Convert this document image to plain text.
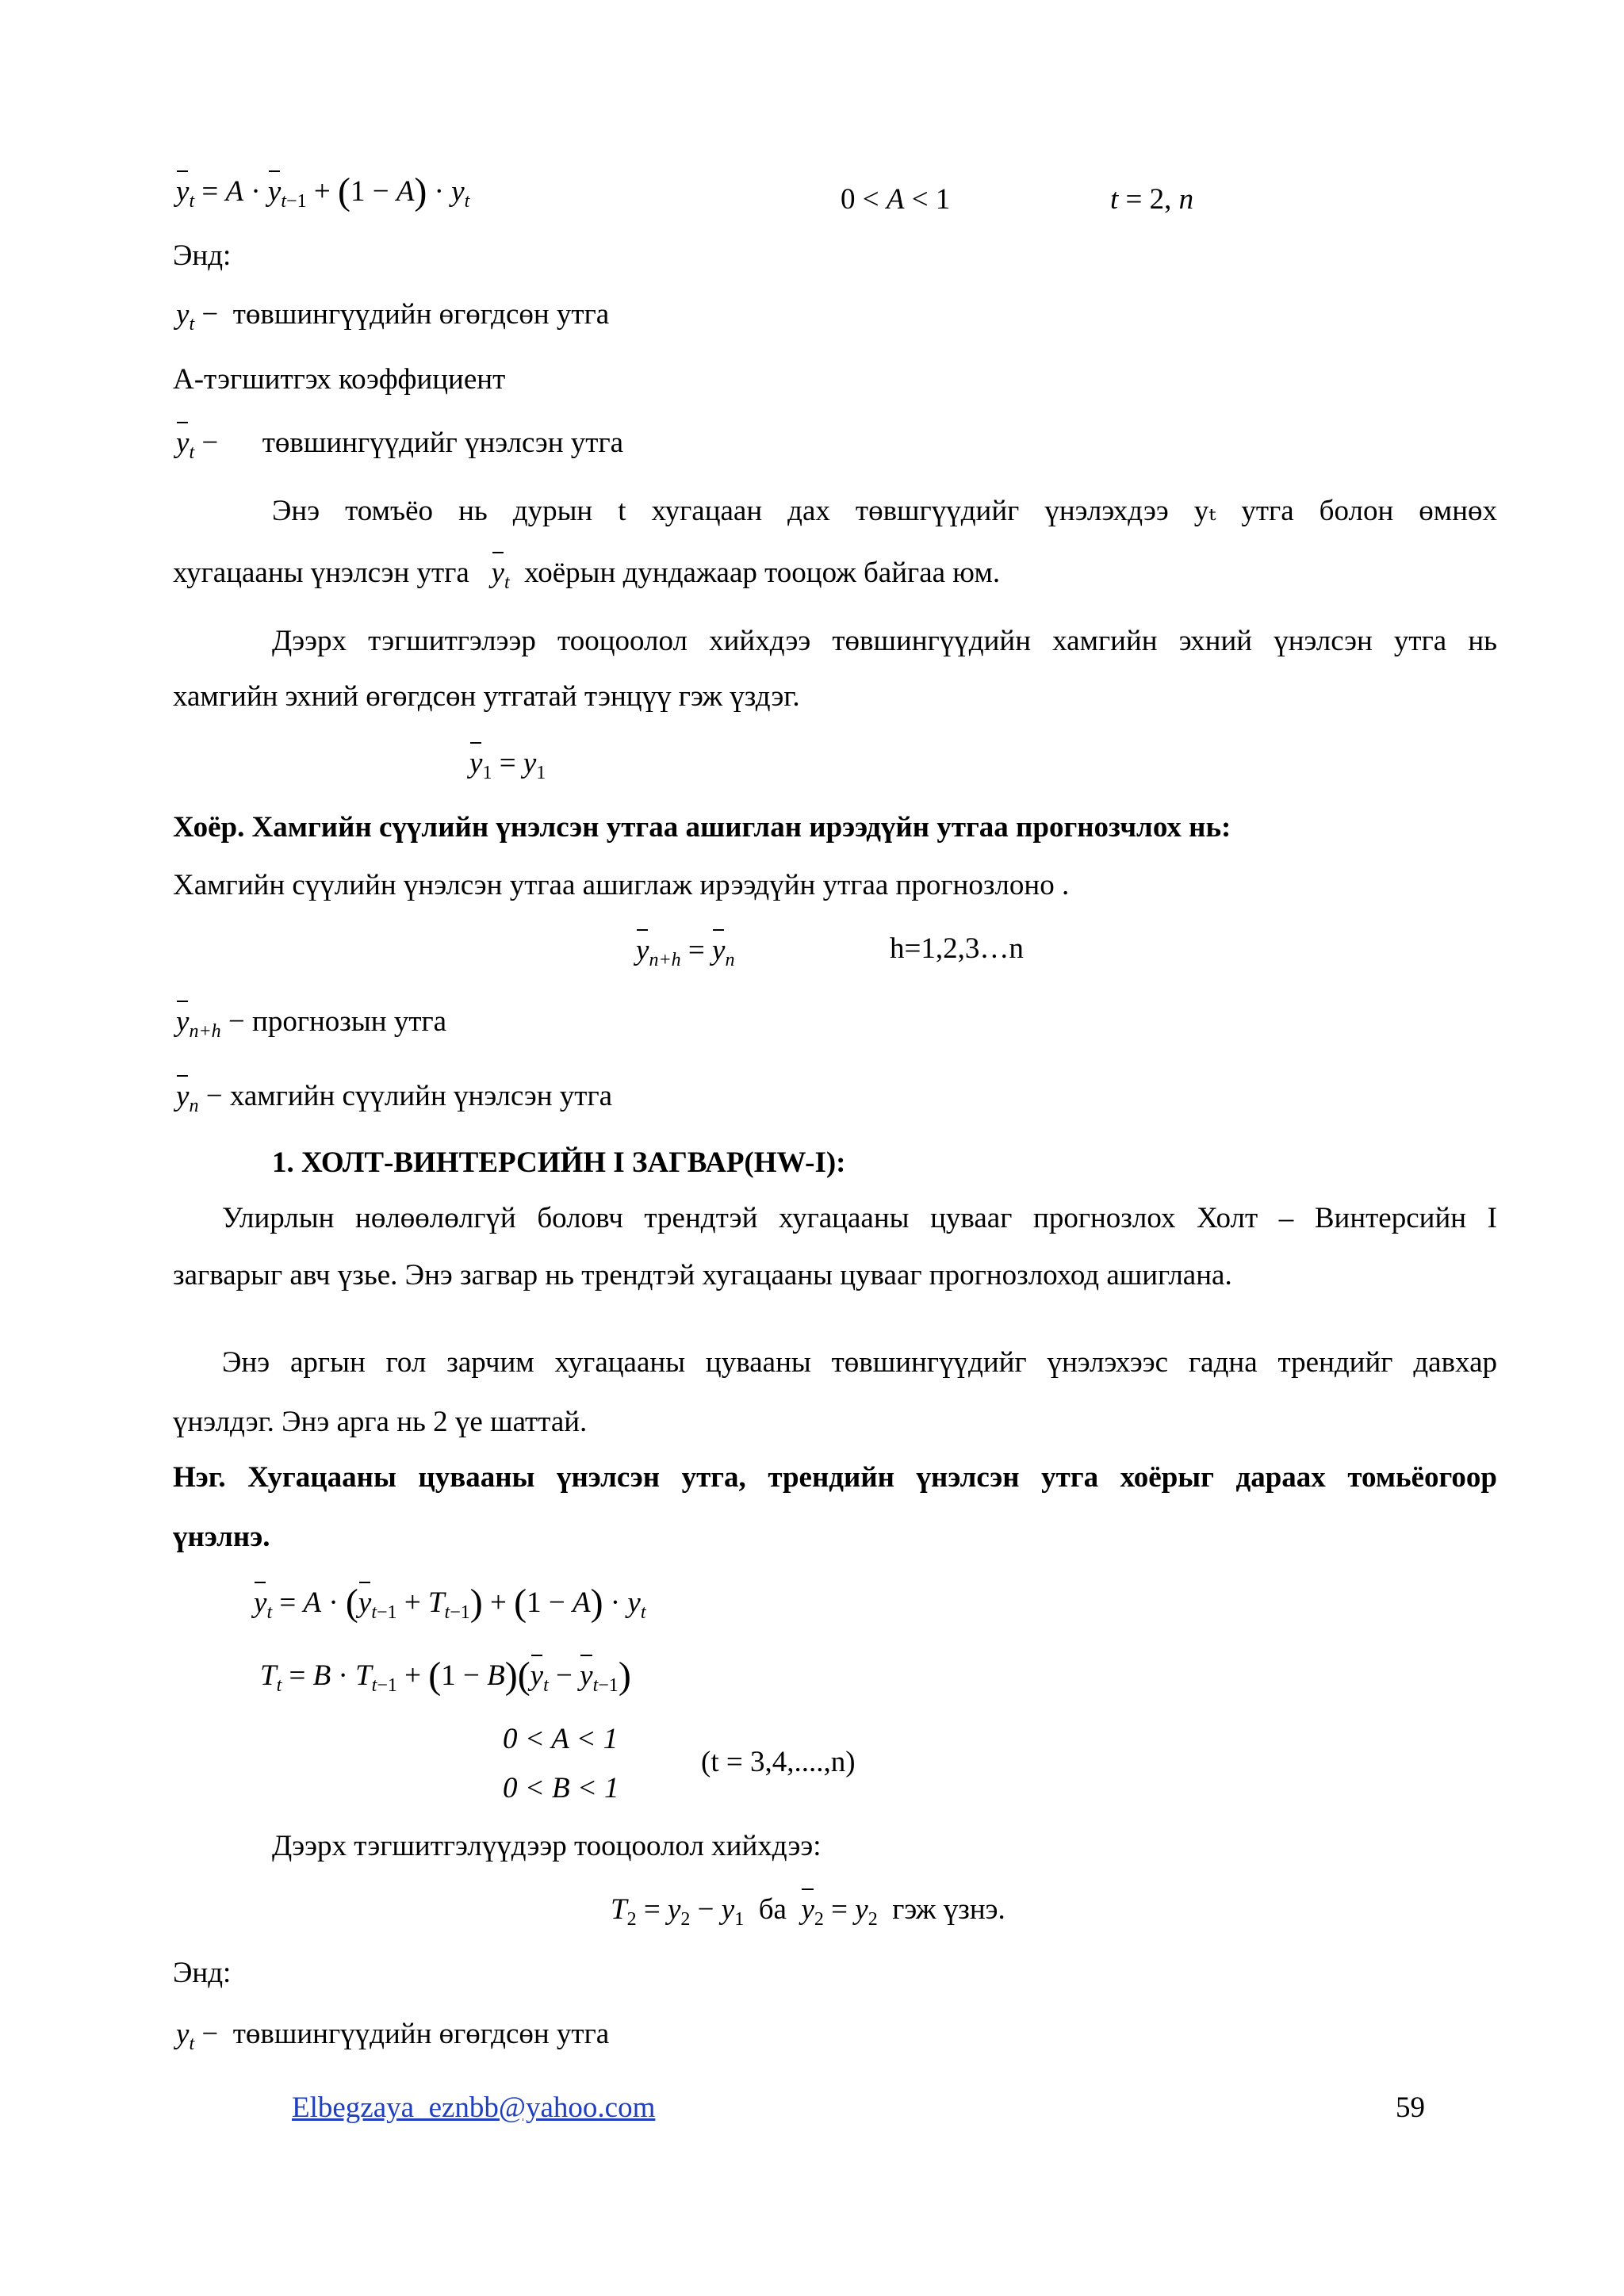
$y_t = A \cdot y_{t-1} + (1 - A) \cdot y_t$	0 < A < 1	t = 2, n
Энд:
$y_t$ −  төвшингүүдийн өгөгдсөн утга
А-тэгшитгэх коэффициент
$y_t$ −      төвшингүүдийг үнэлсэн утга
Энэ томъёо нь дурын t хугацаан дах төвшгүүдийг үнэлэхдээ yₜ утга болон өмнөх
хугацааны үнэлсэн утга $y_t$ хоёрын дундажаар тооцож байгаа юм.
Дээрх тэгшитгэлээр тооцоолол хийхдээ төвшингүүдийн хамгийн эхний үнэлсэн утга нь
хамгийн эхний өгөгдсөн утгатай тэнцүү гэж үздэг.
$y_1 = y_1$
Хоёр. Хамгийн сүүлийн үнэлсэн утгаа ашиглан ирээдүйн утгаа прогнозчлох нь:
Хамгийн сүүлийн үнэлсэн утгаа ашиглаж ирээдүйн утгаа прогнозлоно .
$y_{n+h} = y_n$	h=1,2,3…n
$y_{n+h}$ − прогнозын утга
$y_n$ − хамгийн сүүлийн үнэлсэн утга
1. ХОЛТ-ВИНТЕРСИЙН I ЗАГВАР(HW-I):
Улирлын нөлөөлөлгүй боловч трендтэй хугацааны цувааг прогнозлох Холт – Винтерсийн I
загварыг авч үзье. Энэ загвар нь трендтэй хугацааны цувааг прогнозлоход ашиглана.
Энэ аргын гол зарчим хугацааны цувааны төвшингүүдийг үнэлэхээс гадна трендийг давхар
үнэлдэг. Энэ арга нь 2 үе шаттай.
Нэг. Хугацааны цувааны үнэлсэн утга, трендийн үнэлсэн утга хоёрыг дараах томьёогоор
үнэлнэ.
$y_t = A \cdot (y_{t-1} + T_{t-1}) + (1 - A) \cdot y_t$
$T_t = B \cdot T_{t-1} + (1 - B)(y_t - y_{t-1})$
0 < A < 1
0 < B < 1
(t = 3,4,....,n)
Дээрх тэгшитгэлүүдээр тооцоолол хийхдээ:
$T_2 = y_2 - y_1$ ба $y_2 = y_2$ гэж үзнэ.
Энд:
$y_t$ −  төвшингүүдийн өгөгдсөн утга
Elbegzaya_eznbb@yahoo.com	59
